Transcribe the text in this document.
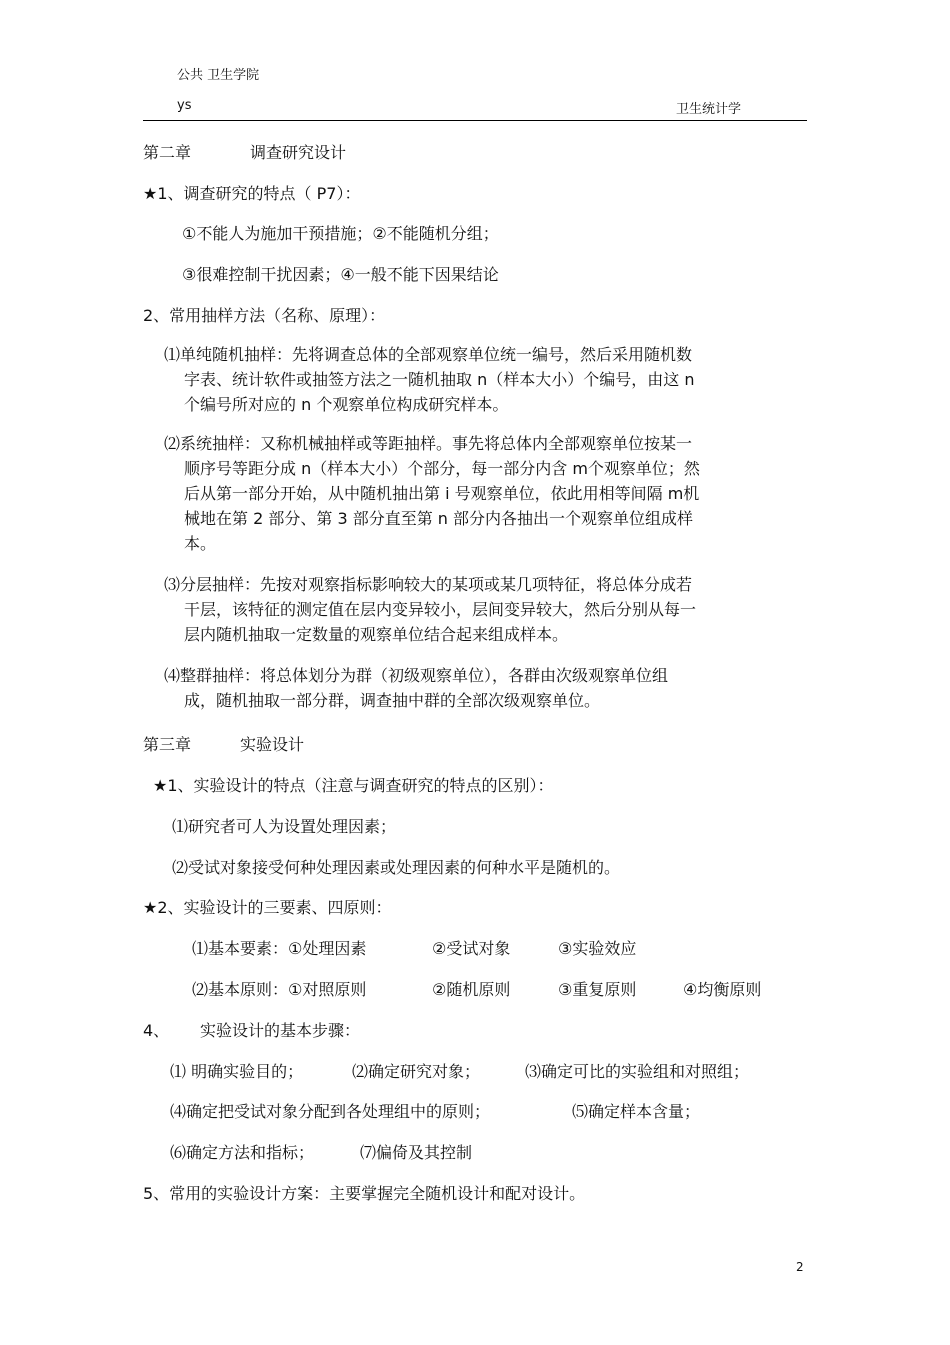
公共 卫生学院
ys	卫生统计学
第二章	调查研究设计
★1、调查研究的特点（ P7）：
①不能人为施加干预措施；②不能随机分组；
③很难控制干扰因素；④一般不能下因果结论
2、常用抽样方法（名称、原理）：
⑴单纯随机抽样：先将调查总体的全部观察单位统一编号，然后采用随机数
字表、统计软件或抽签方法之一随机抽取 n（样本大小）个编号，由这 n
个编号所对应的 n 个观察单位构成研究样本。
⑵系统抽样：又称机械抽样或等距抽样。事先将总体内全部观察单位按某一
顺序号等距分成 n（样本大小）个部分，每一部分内含 m个观察单位；然
后从第一部分开始，从中随机抽出第 i 号观察单位，依此用相等间隔 m机
械地在第 2 部分、第 3 部分直至第 n 部分内各抽出一个观察单位组成样
本。
⑶分层抽样：先按对观察指标影响较大的某项或某几项特征，将总体分成若
干层，该特征的测定值在层内变异较小，层间变异较大，然后分别从每一
层内随机抽取一定数量的观察单位结合起来组成样本。
⑷整群抽样：将总体划分为群（初级观察单位），各群由次级观察单位组
成，随机抽取一部分群，调查抽中群的全部次级观察单位。
第三章	实验设计
★1、实验设计的特点（注意与调查研究的特点的区别）：
⑴研究者可人为设置处理因素；
⑵受试对象接受何种处理因素或处理因素的何种水平是随机的。
★2、实验设计的三要素、四原则：
⑴基本要素：①处理因素	②受试对象	③实验效应
⑵基本原则：①对照原则	②随机原则	③重复原则	④均衡原则
4、 实验设计的基本步骤：
⑴ 明确实验目的；	⑵确定研究对象；	⑶确定可比的实验组和对照组；
⑷确定把受试对象分配到各处理组中的原则；	⑸确定样本含量；
⑹确定方法和指标；	⑺偏倚及其控制
5、常用的实验设计方案：主要掌握完全随机设计和配对设计。
2
